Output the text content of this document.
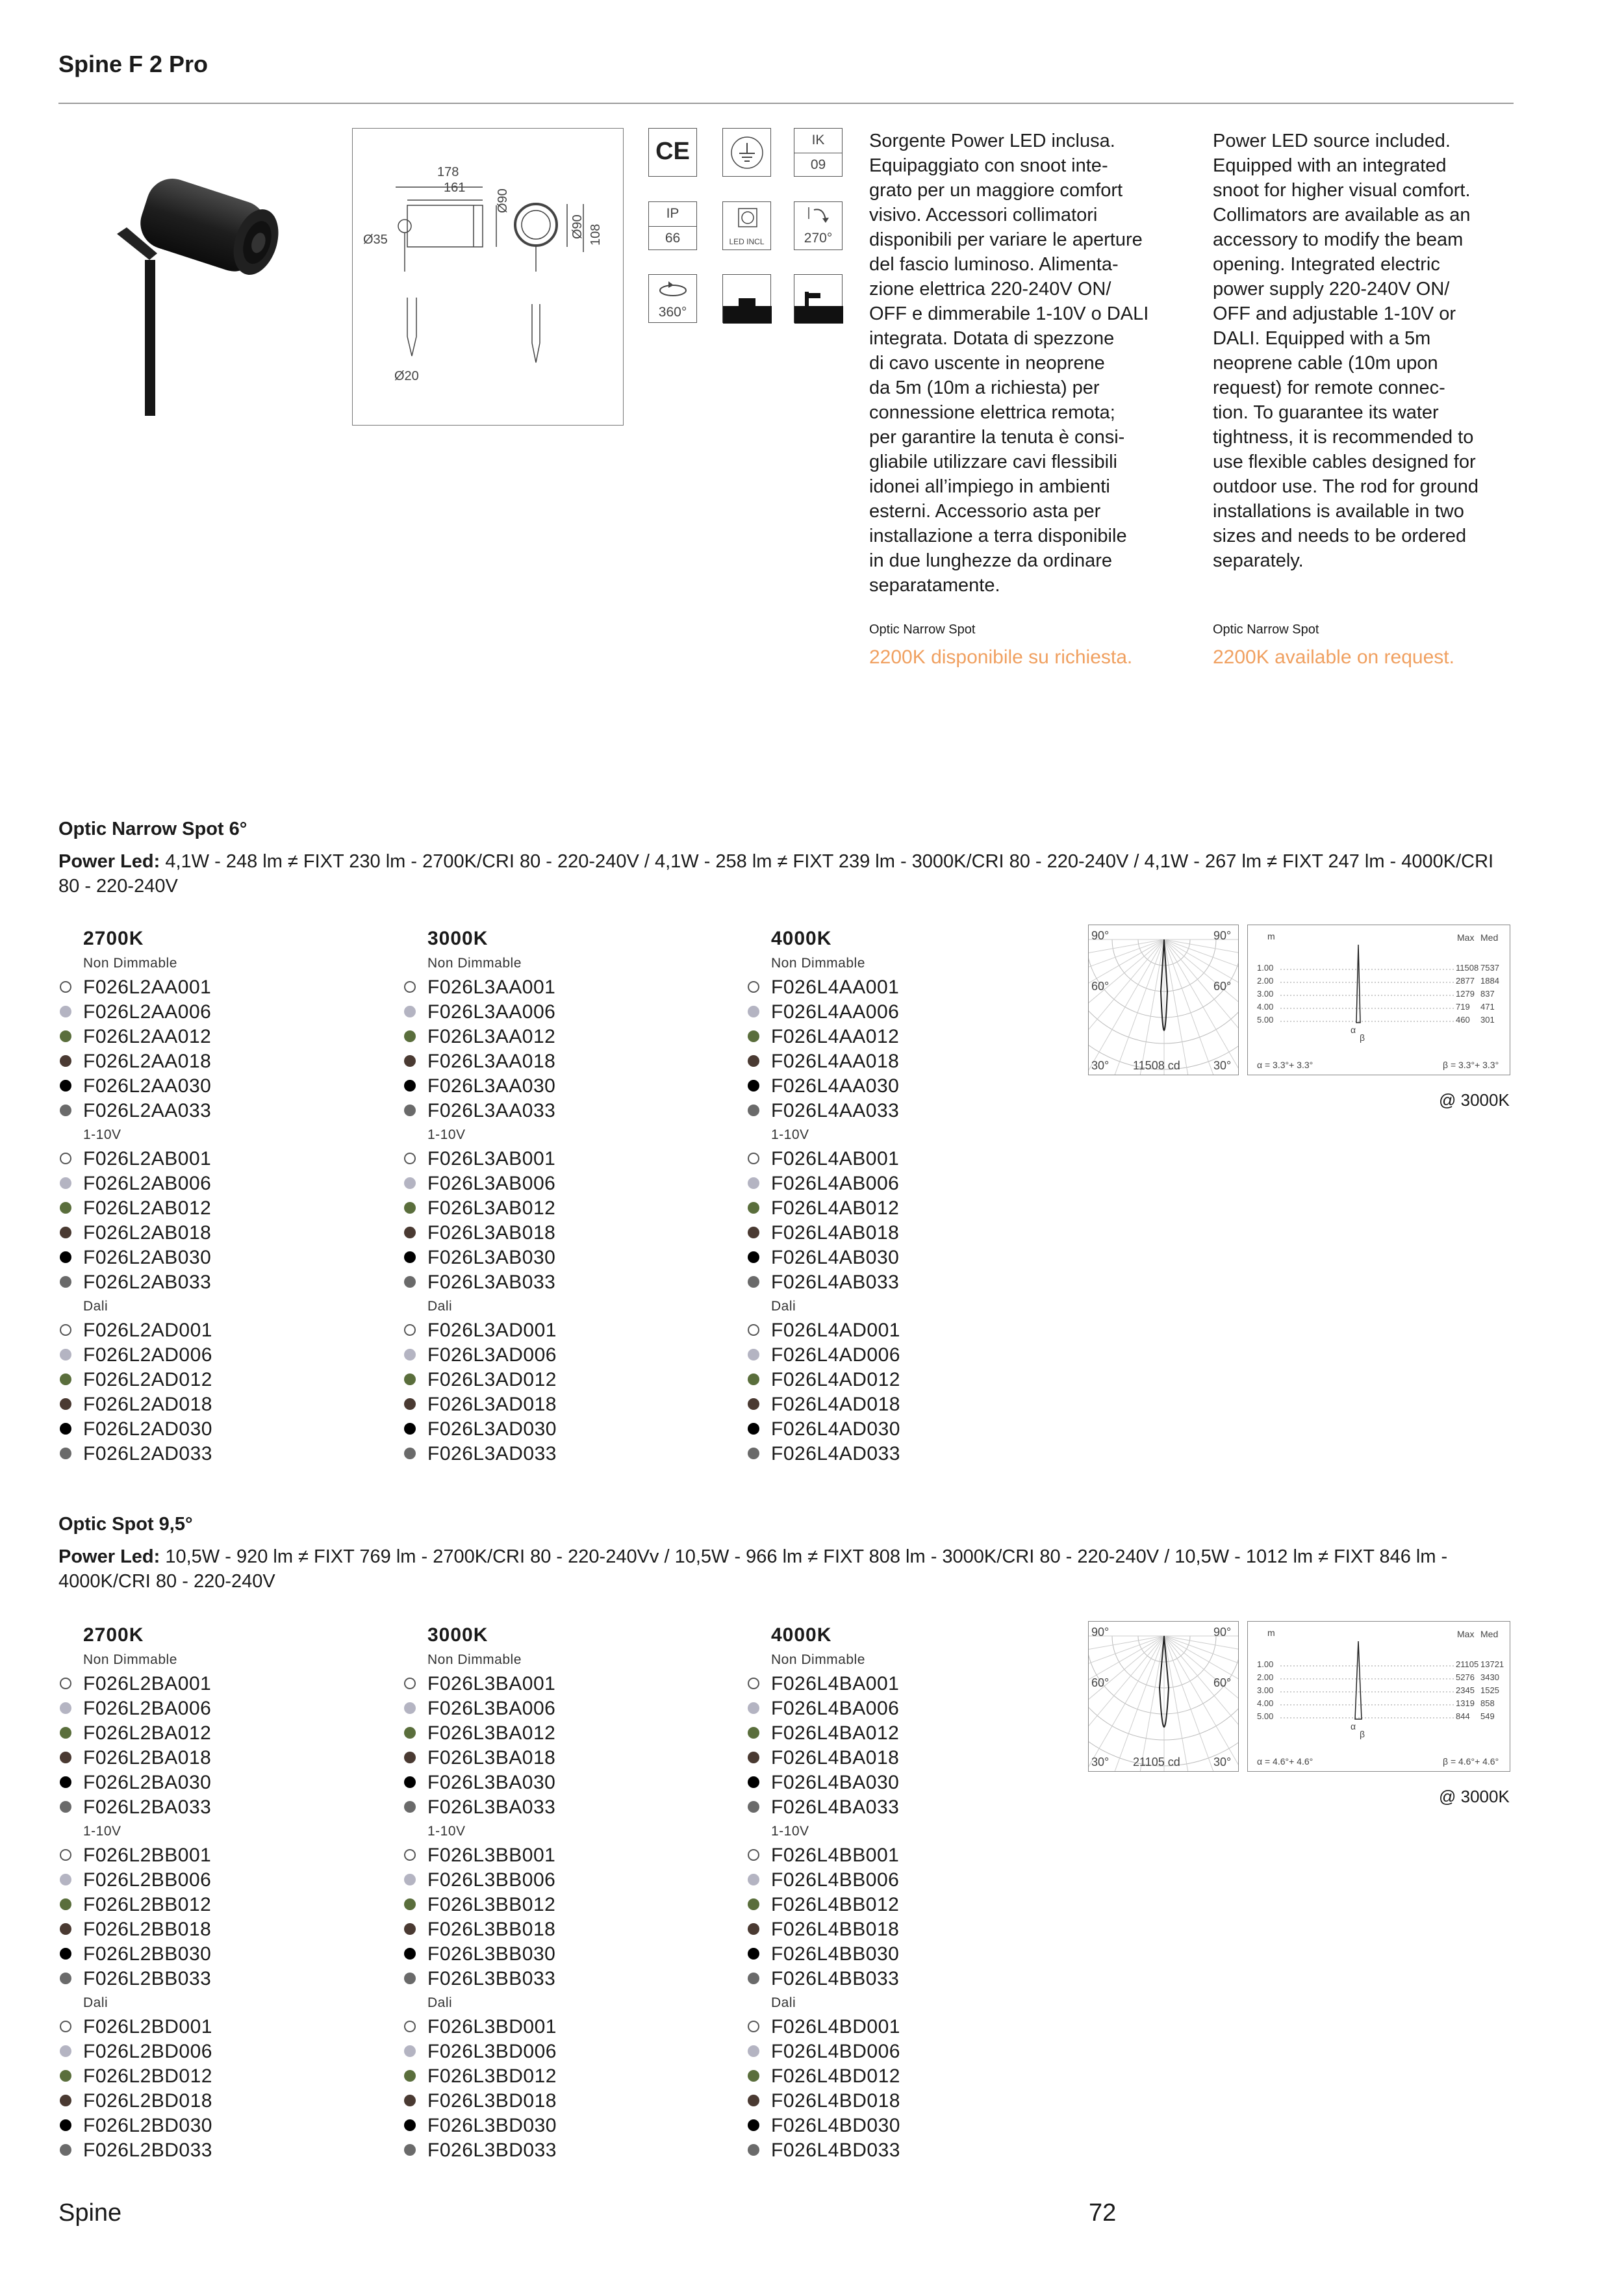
Spine F 2 Pro
178
161
Ø35
Ø90
Ø90 108
Ø20
CE	IK
09
IP
66	LED INCL	270°
360°
Sorgente Power LED inclusa.
Equipaggiato con snoot inte-
grato per un maggiore comfort
visivo. Accessori collimatori
disponibili per variare le aperture
del fascio luminoso. Alimenta-
zione elettrica 220-240V ON/
OFF e dimmerabile 1-10V o DALI
integrata. Dotata di spezzone
di cavo uscente in neoprene
da 5m (10m a richiesta) per
connessione elettrica remota;
per garantire la tenuta è consi-
gliabile utilizzare cavi flessibili
idonei all’impiego in ambienti
esterni. Accessorio asta per
installazione a terra disponibile
in due lunghezze da ordinare
separatamente.
Power LED source included.
Equipped with an integrated
snoot for higher visual comfort.
Collimators are available as an
accessory to modify the beam
opening. Integrated electric
power supply 220-240V ON/
OFF and adjustable 1-10V or
DALI. Equipped with a 5m
neoprene cable (10m upon
request) for remote connec-
tion. To guarantee its water
tightness, it is recommended to
use flexible cables designed for
outdoor use. The rod for ground
installations is available in two
sizes and needs to be ordered
separately.
Optic Narrow Spot	Optic Narrow Spot
2200K disponibile su richiesta.	2200K available on request.
Optic Narrow Spot 6°
Power Led: 4,1W - 248 lm ≠ FIXT 230 lm - 2700K/CRI 80 - 220-240V / 4,1W - 258 lm ≠ FIXT 239 lm - 3000K/CRI 80 - 220-240V / 4,1W - 267 lm ≠ FIXT 247 lm - 4000K/CRI 80 - 220-240V
2700K
Non Dimmable
F026L2AA001
F026L2AA006
F026L2AA012
F026L2AA018
F026L2AA030
F026L2AA033
1-10V
F026L2AB001
F026L2AB006
F026L2AB012
F026L2AB018
F026L2AB030
F026L2AB033
Dali
F026L2AD001
F026L2AD006
F026L2AD012
F026L2AD018
F026L2AD030
F026L2AD033
3000K
Non Dimmable
F026L3AA001
F026L3AA006
F026L3AA012
F026L3AA018
F026L3AA030
F026L3AA033
1-10V
F026L3AB001
F026L3AB006
F026L3AB012
F026L3AB018
F026L3AB030
F026L3AB033
Dali
F026L3AD001
F026L3AD006
F026L3AD012
F026L3AD018
F026L3AD030
F026L3AD033
4000K
Non Dimmable
F026L4AA001
F026L4AA006
F026L4AA012
F026L4AA018
F026L4AA030
F026L4AA033
1-10V
F026L4AB001
F026L4AB006
F026L4AB012
F026L4AB018
F026L4AB030
F026L4AB033
Dali
F026L4AD001
F026L4AD006
F026L4AD012
F026L4AD018
F026L4AD030
F026L4AD033
90°	90°
60°	60°
30°	30°
11508 cd
m	Max Med
1.00	11508 7537
2.00	2877 1884
3.00	1279 837
4.00	719 471
5.00	460 301
α
β
α = 3.3°+ 3.3°	β = 3.3°+ 3.3°
@ 3000K
Optic Spot 9,5°
Power Led: 10,5W - 920 lm ≠ FIXT 769 lm - 2700K/CRI 80 - 220-240Vv / 10,5W - 966 lm ≠ FIXT 808 lm - 3000K/CRI 80 - 220-240V / 10,5W - 1012 lm ≠ FIXT 846 lm - 4000K/CRI 80 - 220-240V
2700K
Non Dimmable
F026L2BA001
F026L2BA006
F026L2BA012
F026L2BA018
F026L2BA030
F026L2BA033
1-10V
F026L2BB001
F026L2BB006
F026L2BB012
F026L2BB018
F026L2BB030
F026L2BB033
Dali
F026L2BD001
F026L2BD006
F026L2BD012
F026L2BD018
F026L2BD030
F026L2BD033
3000K
Non Dimmable
F026L3BA001
F026L3BA006
F026L3BA012
F026L3BA018
F026L3BA030
F026L3BA033
1-10V
F026L3BB001
F026L3BB006
F026L3BB012
F026L3BB018
F026L3BB030
F026L3BB033
Dali
F026L3BD001
F026L3BD006
F026L3BD012
F026L3BD018
F026L3BD030
F026L3BD033
4000K
Non Dimmable
F026L4BA001
F026L4BA006
F026L4BA012
F026L4BA018
F026L4BA030
F026L4BA033
1-10V
F026L4BB001
F026L4BB006
F026L4BB012
F026L4BB018
F026L4BB030
F026L4BB033
Dali
F026L4BD001
F026L4BD006
F026L4BD012
F026L4BD018
F026L4BD030
F026L4BD033
90°	90°
60°	60°
30°	30°
21105 cd
m	Max Med
1.00	21105 13721
2.00	5276 3430
3.00	2345 1525
4.00	1319 858
5.00	844 549
α
β
α = 4.6°+ 4.6°	β = 4.6°+ 4.6°
@ 3000K
Spine	72
